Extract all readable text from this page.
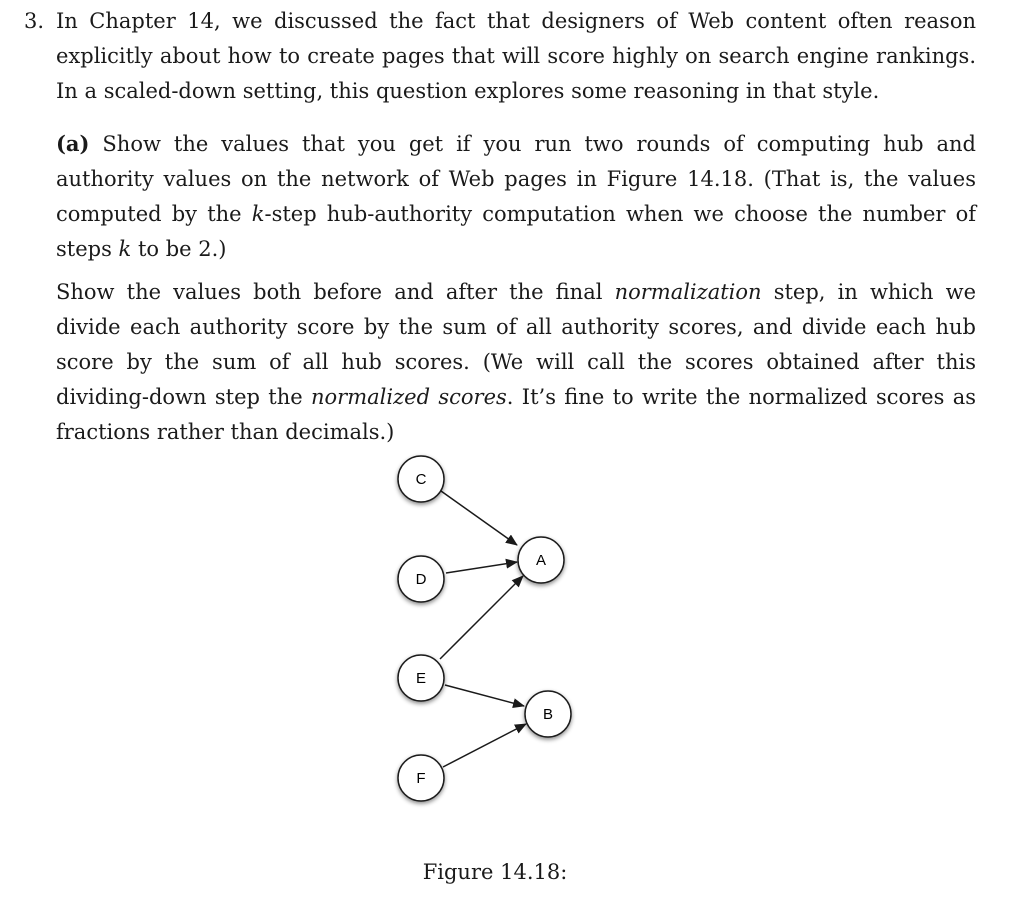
3. In Chapter 14, we discussed the fact that designers of Web content often reason explicitly about how to create pages that will score highly on search engine rankings. In a scaled-down setting, this question explores some reasoning in that style.

(a) Show the values that you get if you run two rounds of computing hub and authority values on the network of Web pages in Figure 14.18. (That is, the values computed by the k-step hub-authority computation when we choose the number of steps k to be 2.)

Show the values both before and after the final normalization step, in which we divide each authority score by the sum of all authority scores, and divide each hub score by the sum of all hub scores. (We will call the scores obtained after this dividing-down step the normalized scores. It’s fine to write the normalized scores as fractions rather than decimals.)

C
D
E
F
A
B
Figure 14.18:
